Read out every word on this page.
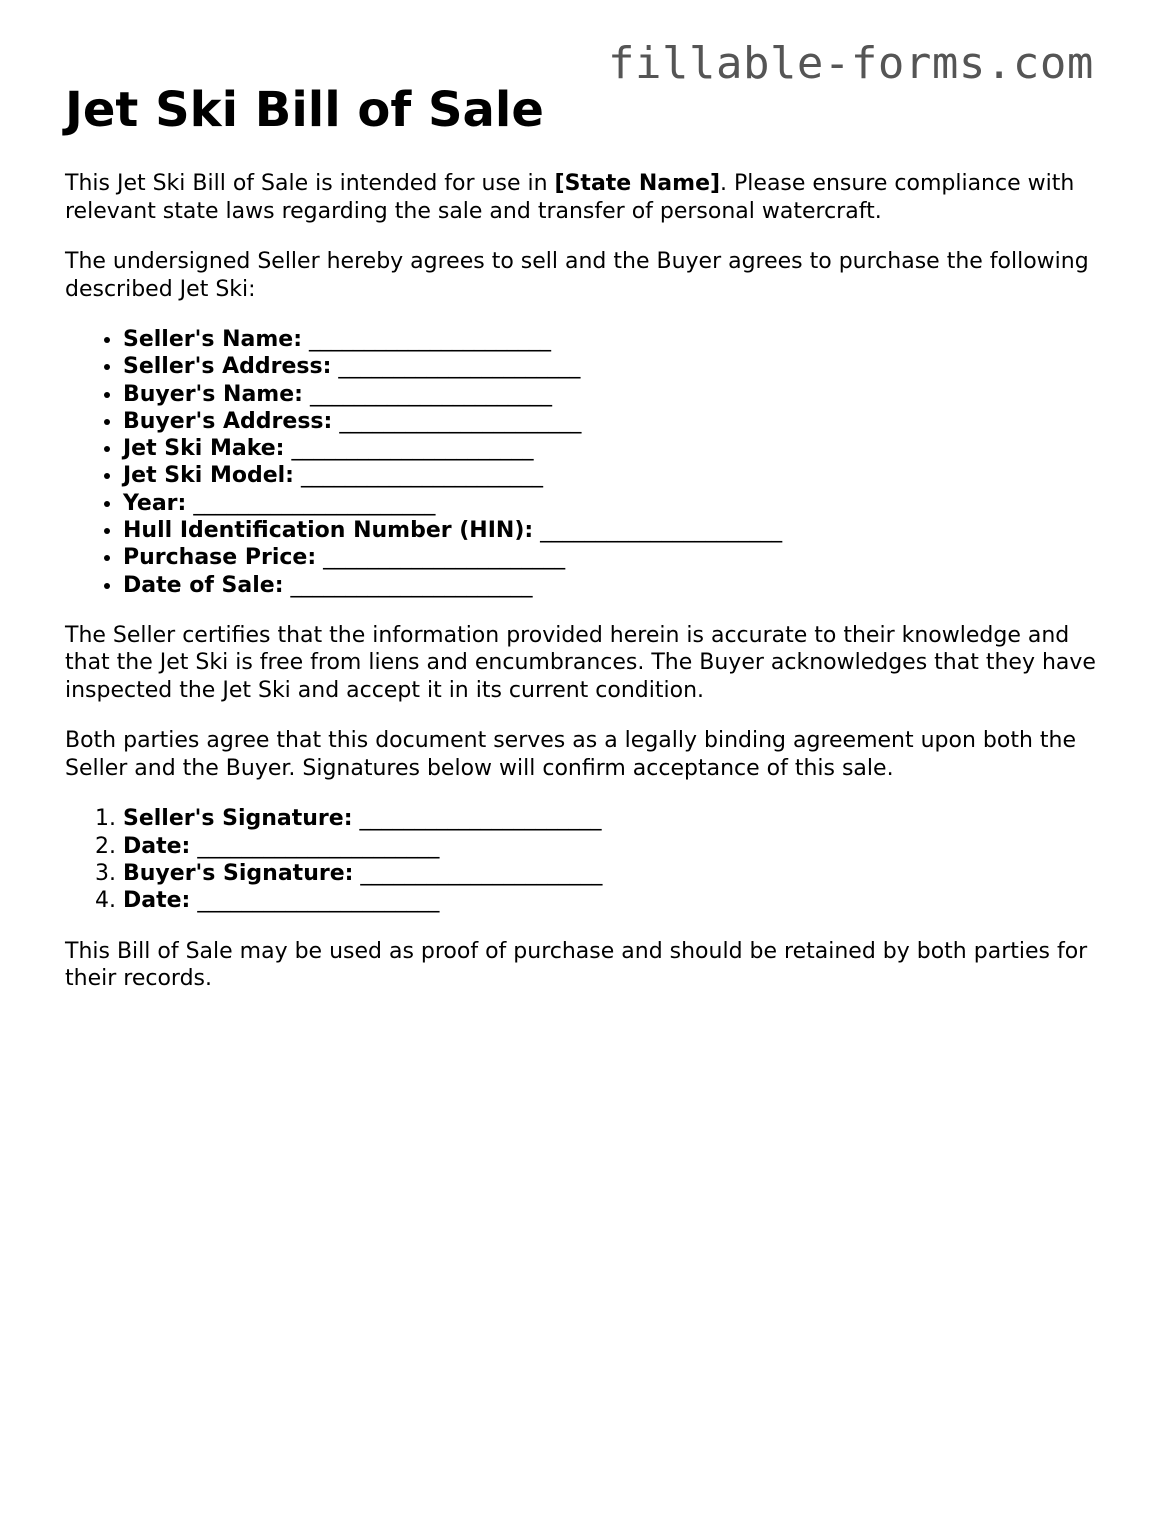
fillable-forms.com
Jet Ski Bill of Sale

This Jet Ski Bill of Sale is intended for use in [State Name]. Please ensure compliance with relevant state laws regarding the sale and transfer of personal watercraft.

The undersigned Seller hereby agrees to sell and the Buyer agrees to purchase the following described Jet Ski:

• Seller's Name: ______________________
• Seller's Address: ______________________
• Buyer's Name: ______________________
• Buyer's Address: ______________________
• Jet Ski Make: ______________________
• Jet Ski Model: ______________________
• Year: ______________________
• Hull Identification Number (HIN): ______________________
• Purchase Price: ______________________
• Date of Sale: ______________________

The Seller certifies that the information provided herein is accurate to their knowledge and that the Jet Ski is free from liens and encumbrances. The Buyer acknowledges that they have inspected the Jet Ski and accept it in its current condition.

Both parties agree that this document serves as a legally binding agreement upon both the Seller and the Buyer. Signatures below will confirm acceptance of this sale.

1. Seller's Signature: ______________________
2. Date: ______________________
3. Buyer's Signature: ______________________
4. Date: ______________________

This Bill of Sale may be used as proof of purchase and should be retained by both parties for their records.
